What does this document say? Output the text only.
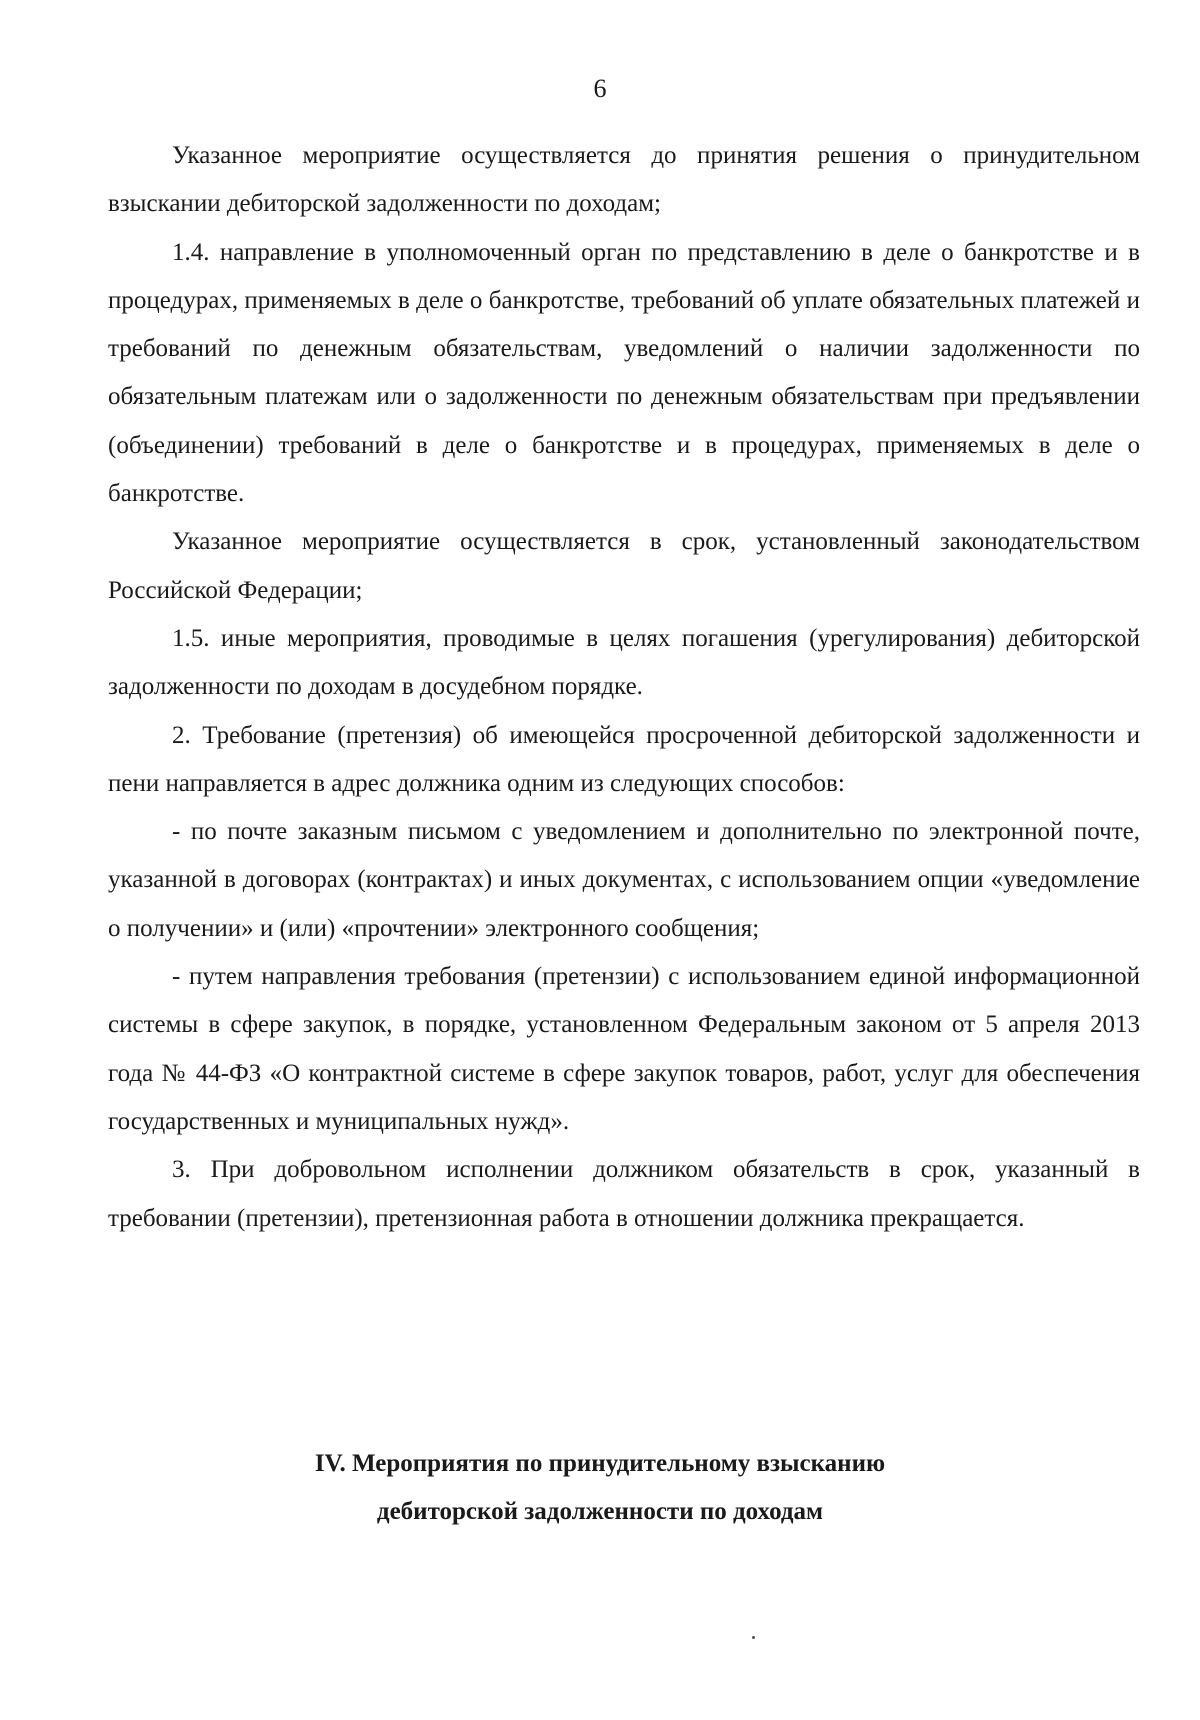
6

Указанное мероприятие осуществляется до принятия решения о принудительном взыскании дебиторской задолженности по доходам;

1.4. направление в уполномоченный орган по представлению в деле о банкротстве и в процедурах, применяемых в деле о банкротстве, требований об уплате обязательных платежей и требований по денежным обязательствам, уведомлений о наличии задолженности по обязательным платежам или о задолженности по денежным обязательствам при предъявлении (объединении) требований в деле о банкротстве и в процедурах, применяемых в деле о банкротстве.

Указанное мероприятие осуществляется в срок, установленный законодательством Российской Федерации;

1.5. иные мероприятия, проводимые в целях погашения (урегулирования) дебиторской задолженности по доходам в досудебном порядке.

2. Требование (претензия) об имеющейся просроченной дебиторской задолженности и пени направляется в адрес должника одним из следующих способов:

- по почте заказным письмом с уведомлением и дополнительно по электронной почте, указанной в договорах (контрактах) и иных документах, с использованием опции «уведомление о получении» и (или) «прочтении» электронного сообщения;

- путем направления требования (претензии) с использованием единой информационной системы в сфере закупок, в порядке, установленном Федеральным законом от 5 апреля 2013 года № 44-ФЗ «О контрактной системе в сфере закупок товаров, работ, услуг для обеспечения государственных и муниципальных нужд».

3. При добровольном исполнении должником обязательств в срок, указанный в требовании (претензии), претензионная работа в отношении должника прекращается.

IV. Мероприятия по принудительному взысканию
дебиторской задолженности по доходам
